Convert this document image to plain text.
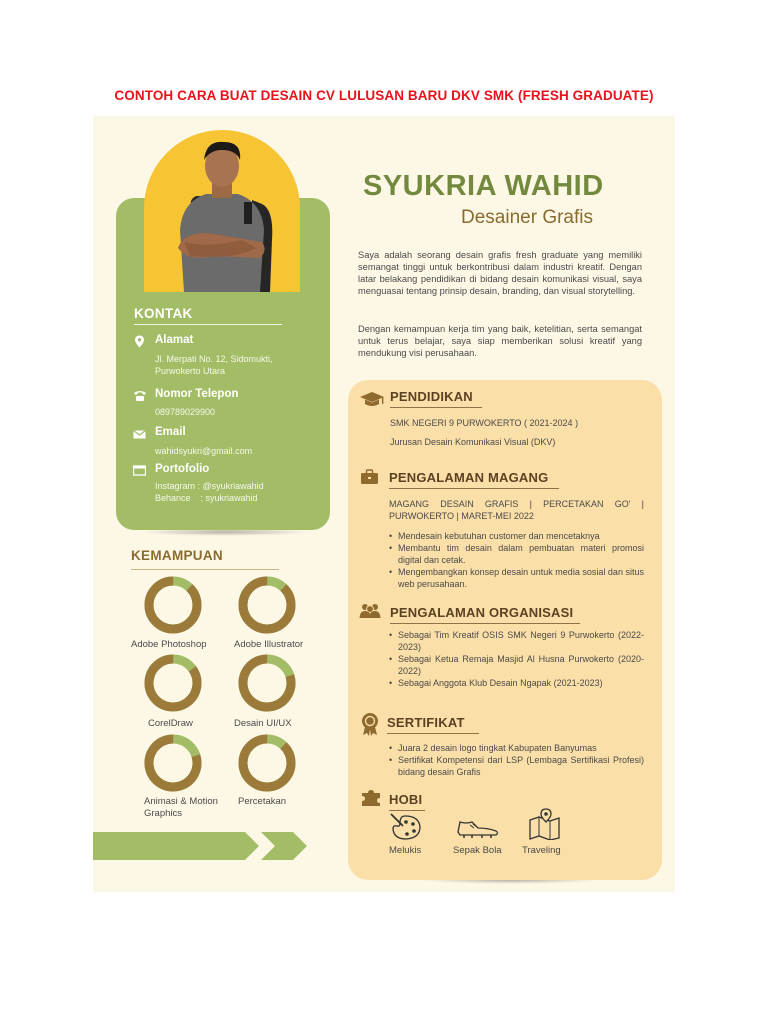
CONTOH CARA BUAT DESAIN CV LULUSAN BARU DKV SMK (FRESH GRADUATE)
KONTAK
Alamat
Jl. Merpati No. 12, Sidomukti,
Purwokerto Utara
Nomor Telepon
089789029900
Email
wahidsyukri@gmail.com
Portofolio
Instagram : @syukriawahid
Behance    : syukriawahid
KEMAMPUAN
Adobe Photoshop	Adobe Illustrator
CorelDraw	Desain UI/UX
Animasi & Motion
Graphics
Percetakan
SYUKRIA WAHID
Desainer Grafis
Saya adalah seorang desain grafis fresh graduate yang memiliki semangat tinggi untuk berkontribusi dalam industri kreatif. Dengan latar belakang pendidikan di bidang desain komunikasi visual, saya menguasai tentang prinsip desain, branding, dan visual storytelling.
Dengan kemampuan kerja tim yang baik, ketelitian, serta semangat untuk terus belajar, saya siap memberikan solusi kreatif yang mendukung visi perusahaan.
PENDIDIKAN
SMK NEGERI 9 PURWOKERTO ( 2021-2024 )
Jurusan Desain Komunikasi Visual (DKV)
PENGALAMAN MAGANG
MAGANG DESAIN GRAFIS | PERCETAKAN GO' | PURWOKERTO | MARET-MEI 2022
• Mendesain kebutuhan customer dan mencetaknya
• Membantu tim desain dalam pembuatan materi promosi digital dan cetak.
• Mengembangkan konsep desain untuk media sosial dan situs web perusahaan.
PENGALAMAN ORGANISASI
• Sebagai Tim Kreatif OSIS SMK Negeri 9 Purwokerto (2022-2023)
• Sebagai Ketua Remaja Masjid Al Husna Purwokerto (2020-2022)
• Sebagai Anggota Klub Desain Ngapak (2021-2023)
SERTIFIKAT
• Juara 2 desain logo tingkat Kabupaten Banyumas
• Sertifikat Kompetensi dari LSP (Lembaga Sertifikasi Profesi) bidang desain Grafis
HOBI
Melukis	Sepak Bola Traveling
